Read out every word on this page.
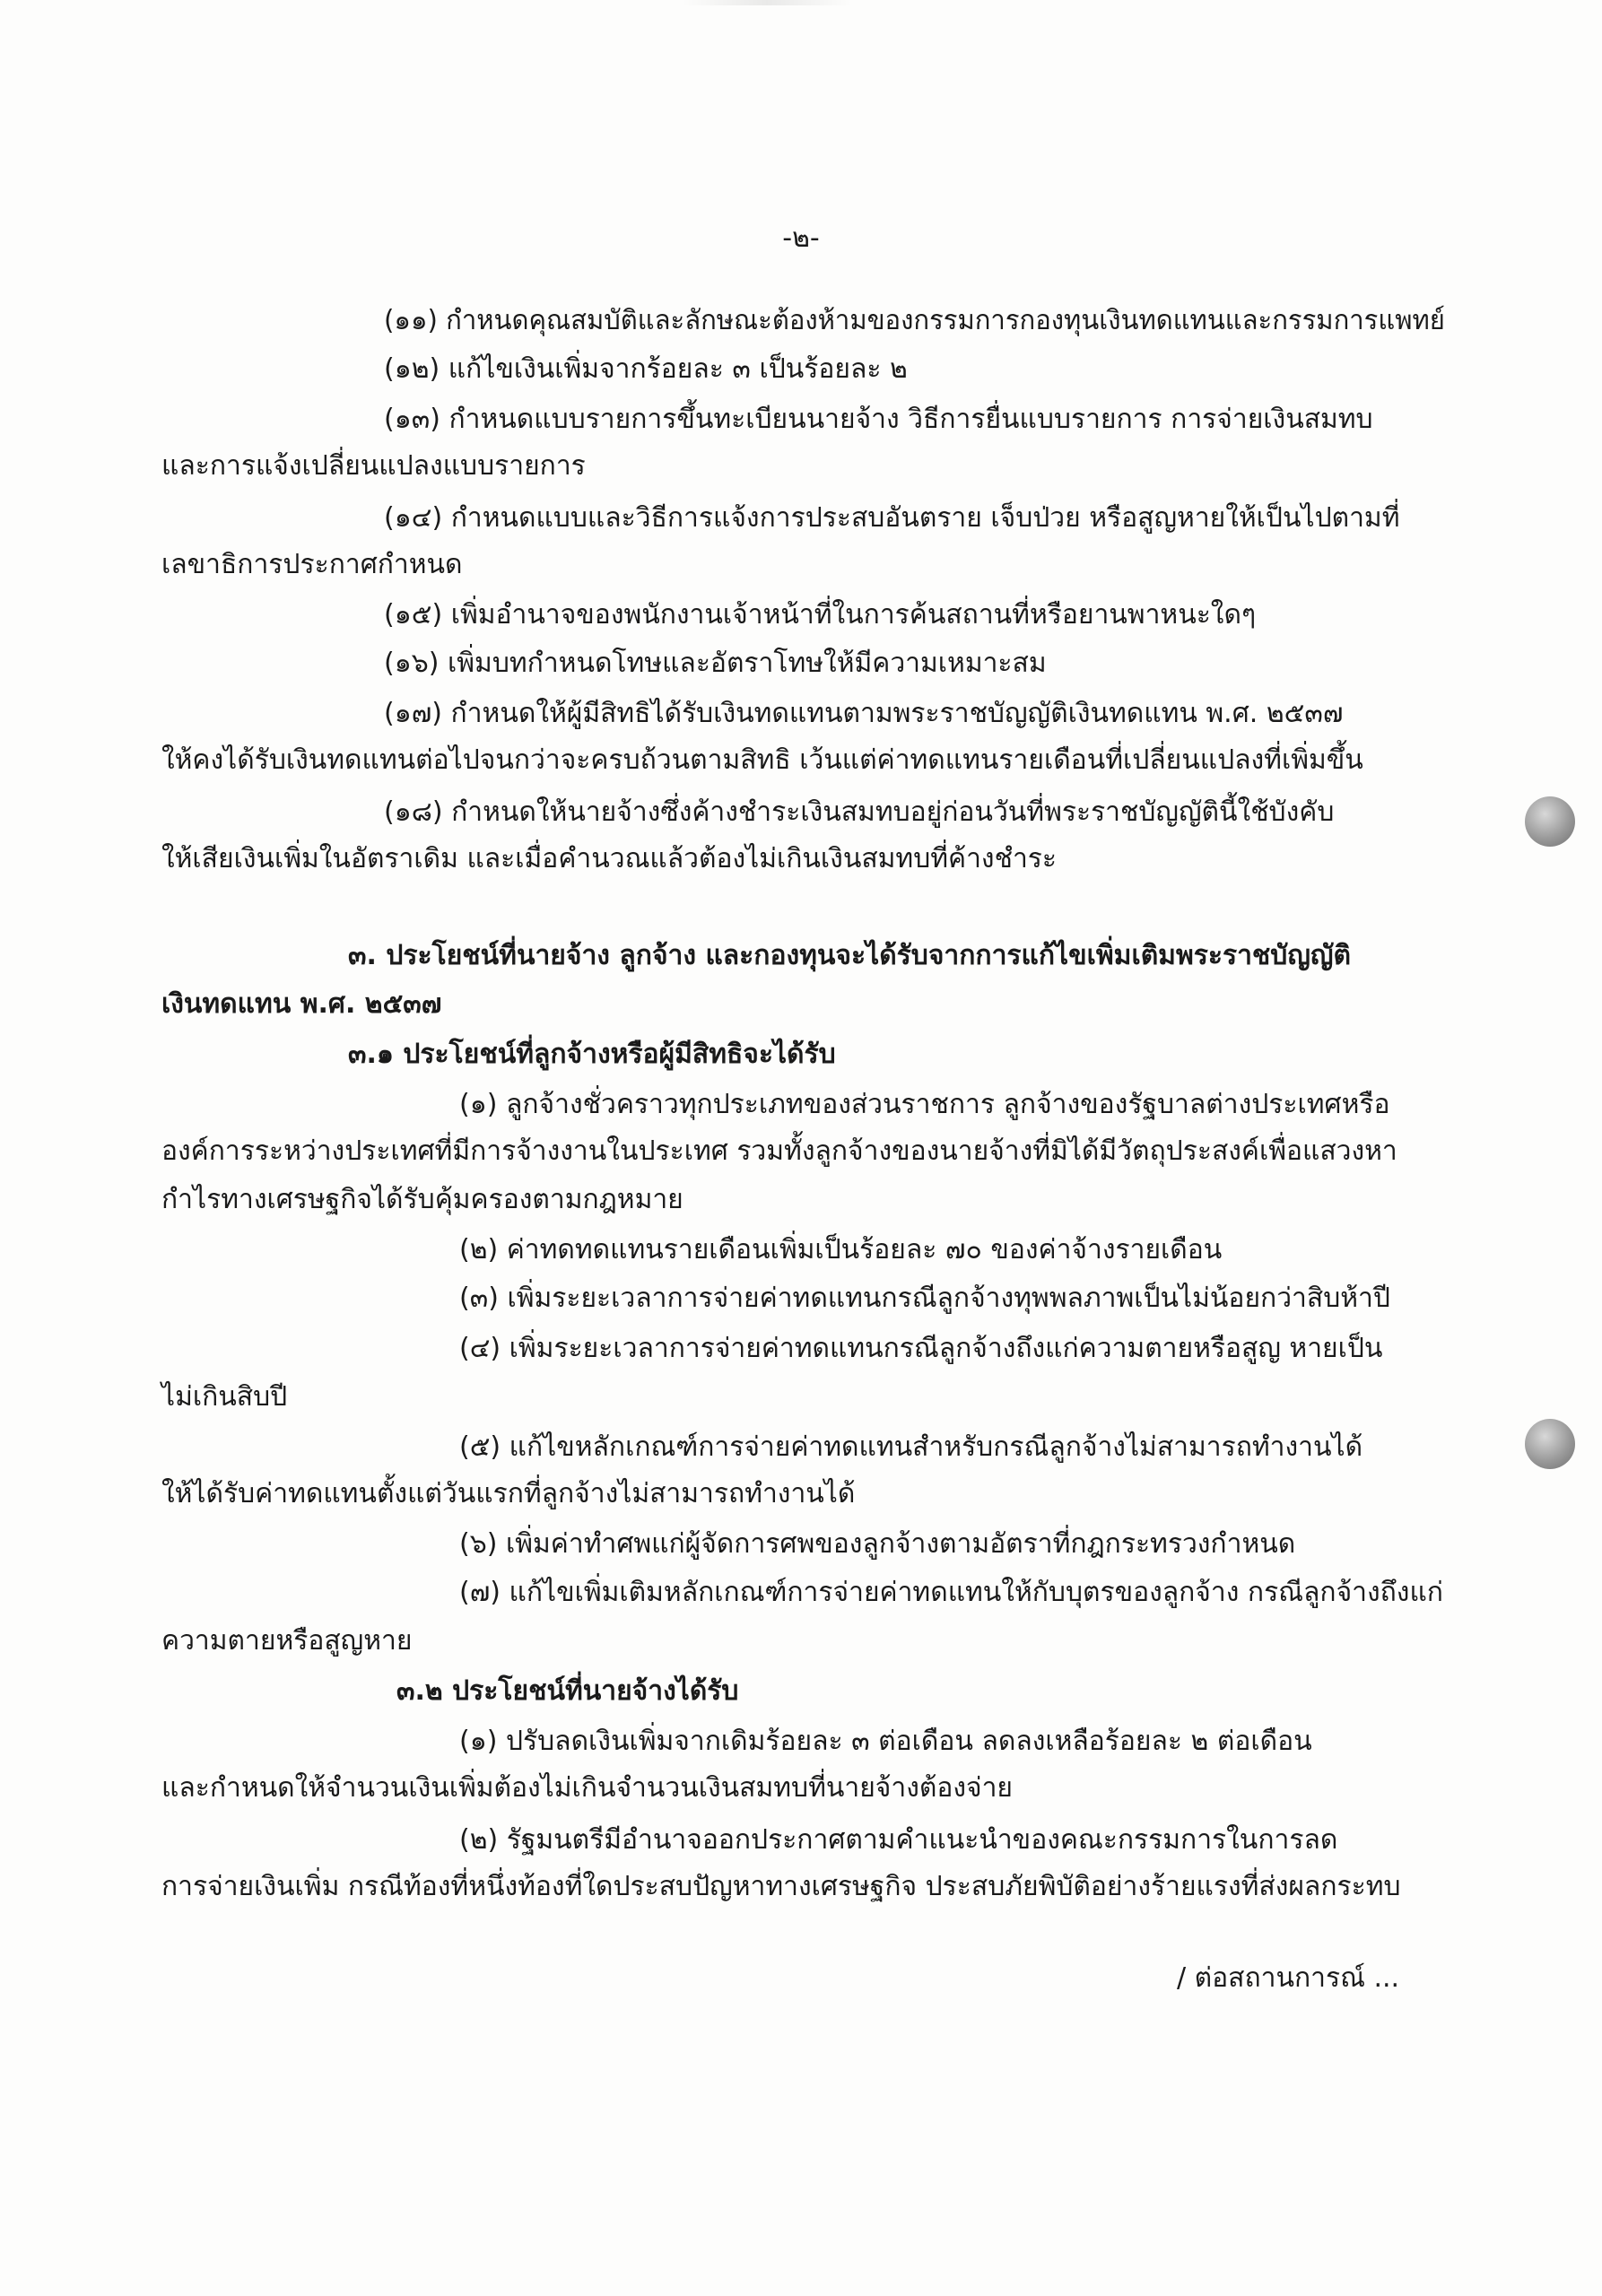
-๒-
(๑๑) กำหนดคุณสมบัติและลักษณะต้องห้ามของกรรมการกองทุนเงินทดแทนและกรรมการแพทย์
(๑๒) แก้ไขเงินเพิ่มจากร้อยละ ๓ เป็นร้อยละ ๒
(๑๓) กำหนดแบบรายการขึ้นทะเบียนนายจ้าง วิธีการยื่นแบบรายการ การจ่ายเงินสมทบ
และการแจ้งเปลี่ยนแปลงแบบรายการ
(๑๔) กำหนดแบบและวิธีการแจ้งการประสบอันตราย เจ็บป่วย หรือสูญหายให้เป็นไปตามที่
เลขาธิการประกาศกำหนด
(๑๕) เพิ่มอำนาจของพนักงานเจ้าหน้าที่ในการค้นสถานที่หรือยานพาหนะใดๆ
(๑๖) เพิ่มบทกำหนดโทษและอัตราโทษให้มีความเหมาะสม
(๑๗) กำหนดให้ผู้มีสิทธิได้รับเงินทดแทนตามพระราชบัญญัติเงินทดแทน พ.ศ. ๒๕๓๗
ให้คงได้รับเงินทดแทนต่อไปจนกว่าจะครบถ้วนตามสิทธิ เว้นแต่ค่าทดแทนรายเดือนที่เปลี่ยนแปลงที่เพิ่มขึ้น
(๑๘) กำหนดให้นายจ้างซึ่งค้างชำระเงินสมทบอยู่ก่อนวันที่พระราชบัญญัตินี้ใช้บังคับ
ให้เสียเงินเพิ่มในอัตราเดิม และเมื่อคำนวณแล้วต้องไม่เกินเงินสมทบที่ค้างชำระ
๓. ประโยชน์ที่นายจ้าง ลูกจ้าง และกองทุนจะได้รับจากการแก้ไขเพิ่มเติมพระราชบัญญัติ
เงินทดแทน พ.ศ. ๒๕๓๗
๓.๑ ประโยชน์ที่ลูกจ้างหรือผู้มีสิทธิจะได้รับ
(๑) ลูกจ้างชั่วคราวทุกประเภทของส่วนราชการ ลูกจ้างของรัฐบาลต่างประเทศหรือ
องค์การระหว่างประเทศที่มีการจ้างงานในประเทศ รวมทั้งลูกจ้างของนายจ้างที่มิได้มีวัตถุประสงค์เพื่อแสวงหา
กำไรทางเศรษฐกิจได้รับคุ้มครองตามกฎหมาย
(๒) ค่าทดทดแทนรายเดือนเพิ่มเป็นร้อยละ ๗๐ ของค่าจ้างรายเดือน
(๓) เพิ่มระยะเวลาการจ่ายค่าทดแทนกรณีลูกจ้างทุพพลภาพเป็นไม่น้อยกว่าสิบห้าปี
(๔) เพิ่มระยะเวลาการจ่ายค่าทดแทนกรณีลูกจ้างถึงแก่ความตายหรือสูญ หายเป็น
ไม่เกินสิบปี
(๕) แก้ไขหลักเกณฑ์การจ่ายค่าทดแทนสำหรับกรณีลูกจ้างไม่สามารถทำงานได้
ให้ได้รับค่าทดแทนตั้งแต่วันแรกที่ลูกจ้างไม่สามารถทำงานได้
(๖) เพิ่มค่าทำศพแก่ผู้จัดการศพของลูกจ้างตามอัตราที่กฎกระทรวงกำหนด
(๗) แก้ไขเพิ่มเติมหลักเกณฑ์การจ่ายค่าทดแทนให้กับบุตรของลูกจ้าง กรณีลูกจ้างถึงแก่
ความตายหรือสูญหาย
๓.๒ ประโยชน์ที่นายจ้างได้รับ
(๑) ปรับลดเงินเพิ่มจากเดิมร้อยละ ๓ ต่อเดือน ลดลงเหลือร้อยละ ๒ ต่อเดือน
และกำหนดให้จำนวนเงินเพิ่มต้องไม่เกินจำนวนเงินสมทบที่นายจ้างต้องจ่าย
(๒) รัฐมนตรีมีอำนาจออกประกาศตามคำแนะนำของคณะกรรมการในการลด
การจ่ายเงินเพิ่ม กรณีท้องที่หนึ่งท้องที่ใดประสบปัญหาทางเศรษฐกิจ ประสบภัยพิบัติอย่างร้ายแรงที่ส่งผลกระทบ
/ ต่อสถานการณ์ ...
